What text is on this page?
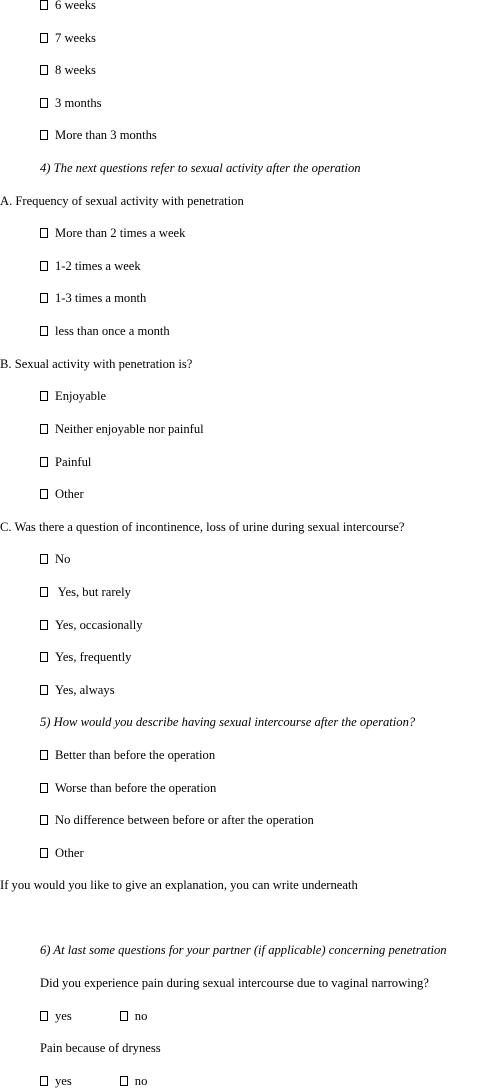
6 weeks
7 weeks
8 weeks
3 months
More than 3 months
4) The next questions refer to sexual activity after the operation
A. Frequency of sexual activity with penetration
More than 2 times a week
1-2 times a week
1-3 times a month
less than once a month
B. Sexual activity with penetration is?
Enjoyable
Neither enjoyable nor painful
Painful
Other
C. Was there a question of incontinence, loss of urine during sexual intercourse?
No
Yes, but rarely
Yes, occasionally
Yes, frequently
Yes, always
5) How would you describe having sexual intercourse after the operation?
Better than before the operation
Worse than before the operation
No difference between before or after the operation
Other
If you would you like to give an explanation, you can write underneath
6) At last some questions for your partner (if applicable) concerning penetration
Did you experience pain during sexual intercourse due to vaginal narrowing?
yes	no
Pain because of dryness
yes	no
